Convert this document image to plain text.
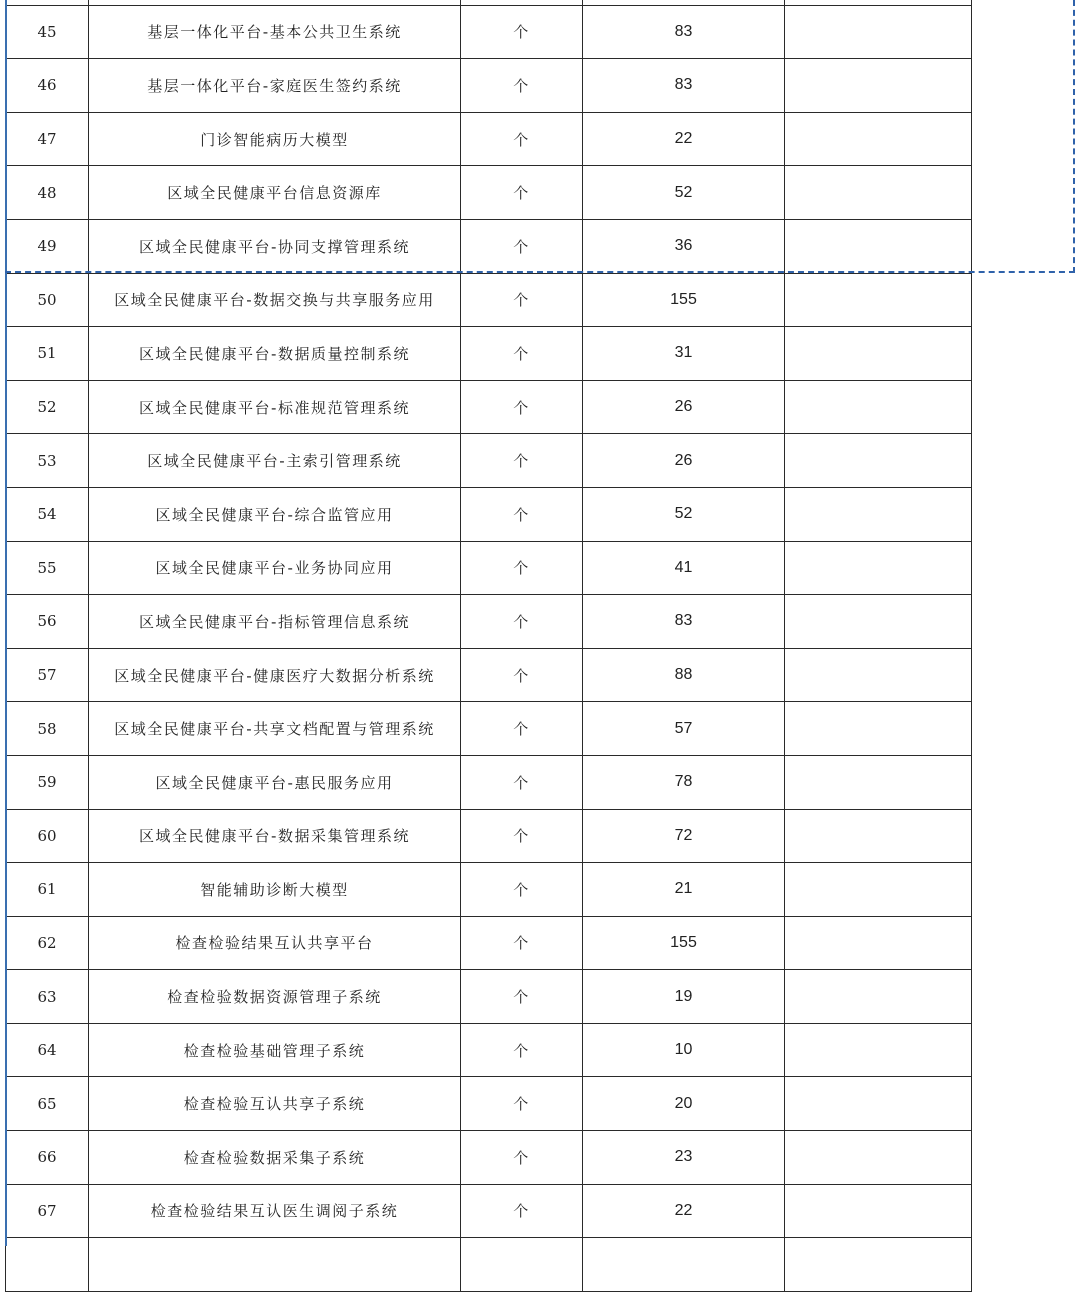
45	基层一体化平台-基本公共卫生系统	个	83	
46	基层一体化平台-家庭医生签约系统	个	83	
47	门诊智能病历大模型	个	22	
48	区域全民健康平台信息资源库	个	52	
49	区域全民健康平台-协同支撑管理系统	个	36	
50	区域全民健康平台-数据交换与共享服务应用	个	155	
51	区域全民健康平台-数据质量控制系统	个	31	
52	区域全民健康平台-标准规范管理系统	个	26	
53	区域全民健康平台-主索引管理系统	个	26	
54	区域全民健康平台-综合监管应用	个	52	
55	区域全民健康平台-业务协同应用	个	41	
56	区域全民健康平台-指标管理信息系统	个	83	
57	区域全民健康平台-健康医疗大数据分析系统	个	88	
58	区域全民健康平台-共享文档配置与管理系统	个	57	
59	区域全民健康平台-惠民服务应用	个	78	
60	区域全民健康平台-数据采集管理系统	个	72	
61	智能辅助诊断大模型	个	21	
62	检查检验结果互认共享平台	个	155	
63	检查检验数据资源管理子系统	个	19	
64	检查检验基础管理子系统	个	10	
65	检查检验互认共享子系统	个	20	
66	检查检验数据采集子系统	个	23	
67	检查检验结果互认医生调阅子系统	个	22	
